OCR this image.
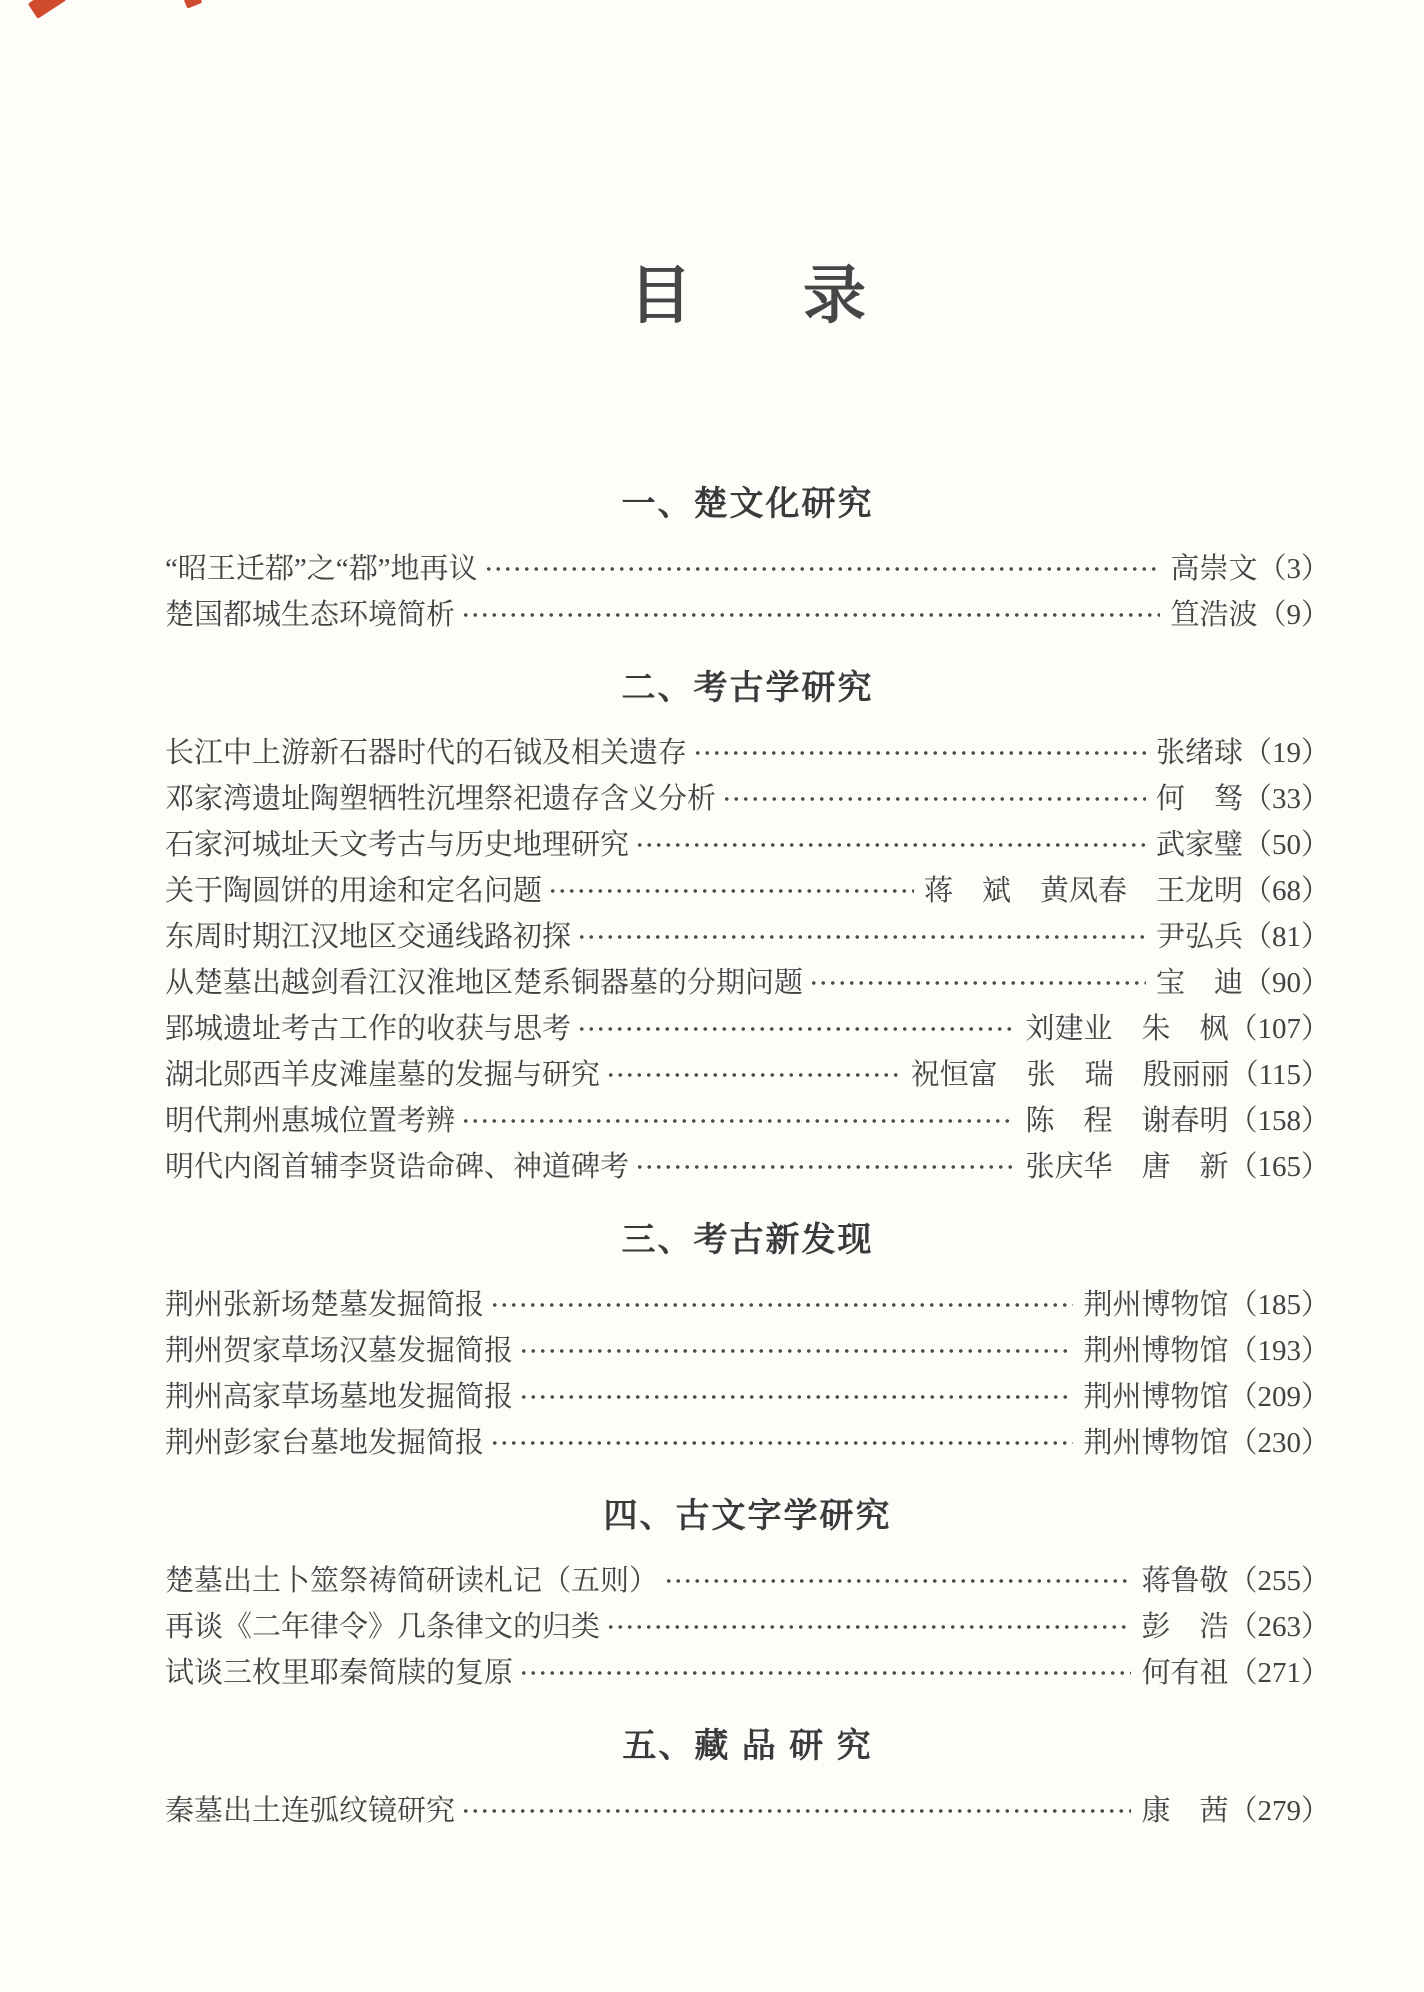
目　录
一、楚文化研究
“昭王迁鄀”之“鄀”地再议	高崇文（3）
楚国都城生态环境简析	笪浩波（9）
二、考古学研究
长江中上游新石器时代的石钺及相关遗存	张绪球（19）
邓家湾遗址陶塑牺牲沉埋祭祀遗存含义分析	何　驽（33）
石家河城址天文考古与历史地理研究	武家璧（50）
关于陶圆饼的用途和定名问题	蒋　斌　黄凤春　王龙明（68）
东周时期江汉地区交通线路初探	尹弘兵（81）
从楚墓出越剑看江汉淮地区楚系铜器墓的分期问题	宝　迪（90）
郢城遗址考古工作的收获与思考	刘建业　朱　枫（107）
湖北郧西羊皮滩崖墓的发掘与研究	祝恒富　张　瑞　殷丽丽（115）
明代荆州惠城位置考辨	陈　程　谢春明（158）
明代内阁首辅李贤诰命碑、神道碑考	张庆华　唐　新（165）
三、考古新发现
荆州张新场楚墓发掘简报	荆州博物馆（185）
荆州贺家草场汉墓发掘简报	荆州博物馆（193）
荆州高家草场墓地发掘简报	荆州博物馆（209）
荆州彭家台墓地发掘简报	荆州博物馆（230）
四、古文字学研究
楚墓出土卜筮祭祷简研读札记（五则）	蒋鲁敬（255）
再谈《二年律令》几条律文的归类	彭　浩（263）
试谈三枚里耶秦简牍的复原	何有祖（271）
五、藏 品 研 究
秦墓出土连弧纹镜研究	康　茜（279）
